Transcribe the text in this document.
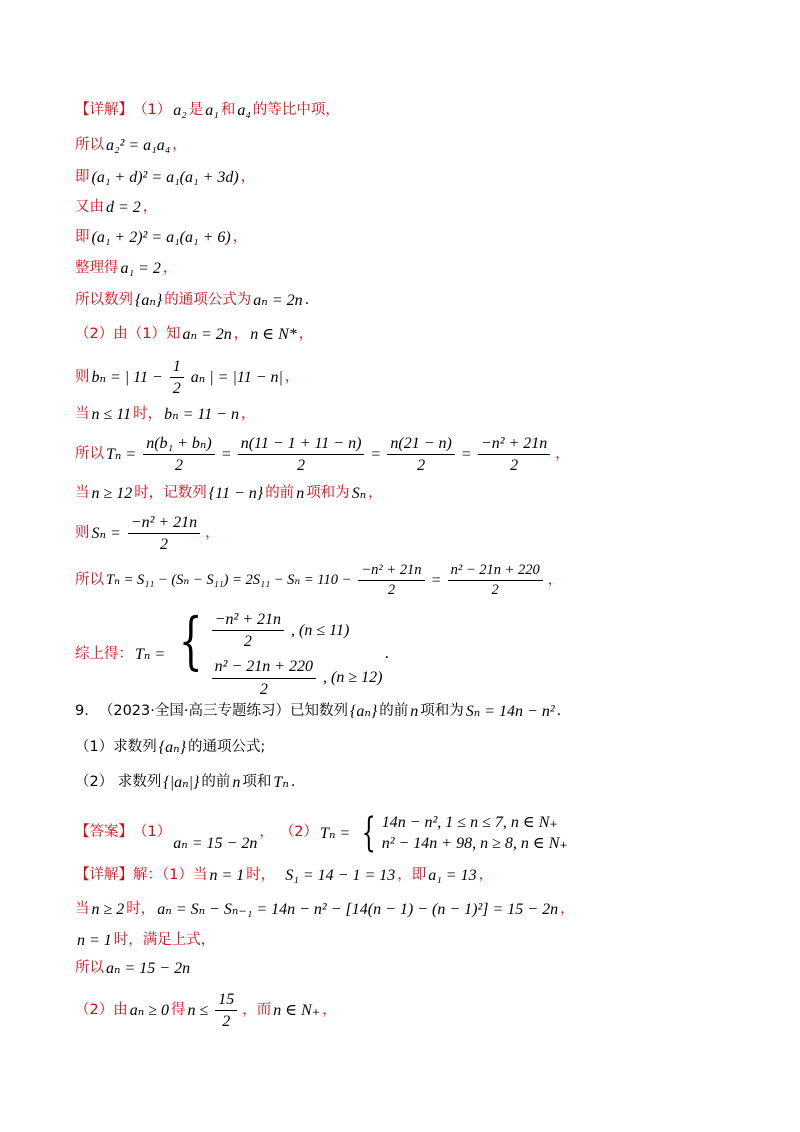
【详解】 （1） a₂ 是 a₁ 和 a₄ 的等比中项，
所以 a₂² = a₁a₄ ，
即 (a₁ + d)² = a₁(a₁ + 3d) ，
又由 d = 2 ，
即 (a₁ + 2)² = a₁(a₁ + 6) ，
整理得 a₁ = 2 ，
所以数列 {aₙ} 的通项公式为 aₙ = 2n .
（2）由（1）知 aₙ = 2n ， n ∈ N* ，
则 bₙ = | $11 - \frac{1}{2}$ aₙ | = |11 − n| ，
当 n ≤ 11 时， bₙ = 11 − n ，
所以 $T_n = \frac{\text{n(b₁ + bₙ)}}{2} = \frac{n(11 - 1 + 11 - n)}{2} = \frac{n(21 - n)}{2} = \frac{\text{−n² + 21n}}{2}$ ，
当 n ≥ 12 时，记数列 {11 − n} 的前 n 项和为 Sₙ ，
则 $S_n = \frac{\text{−n² + 21n}}{2}$ ，
所以 $T_n = S_{11} - (S_n - S_{11}) = 2S_{11} - S_n = 110 - \frac{\text{−n² + 21n}}{2} = \frac{\text{n² − 21n + 220}}{2}$ ，
综上得： Tₙ = { $\frac{\text{−n² + 21n}}{2}$ , (n ≤ 11)
$\frac{\text{n² − 21n + 220}}{2}$ , (n ≥ 12)
.
9. （2023·全国·高三专题练习）已知数列 {aₙ} 的前 n 项和为 Sₙ = 14n − n² .
（1）求数列 {aₙ} 的通项公式;
（2） 求数列 {|aₙ|} 的前 n 项和 Tₙ .
【答案】 （1）
aₙ = 15 − 2n
， （2） Tₙ = { 14n − n², 1 ≤ n ≤ 7, n ∈ N₊
n² − 14n + 98, n ≥ 8, n ∈ N₊
【详解】 解：（1）当 n = 1 时， S₁ = 14 − 1 = 13 ，即 a₁ = 13 ，
当 n ≥ 2 时， aₙ = Sₙ − Sₙ₋₁ = 14n − n² − [14(n − 1) − (n − 1)²] = 15 − 2n ，
n = 1 时，满足上式，
所以 aₙ = 15 − 2n
（2）由 aₙ ≥ 0 得 $n \le \frac{15}{2}$ ，而 n ∈ N₊ ，
